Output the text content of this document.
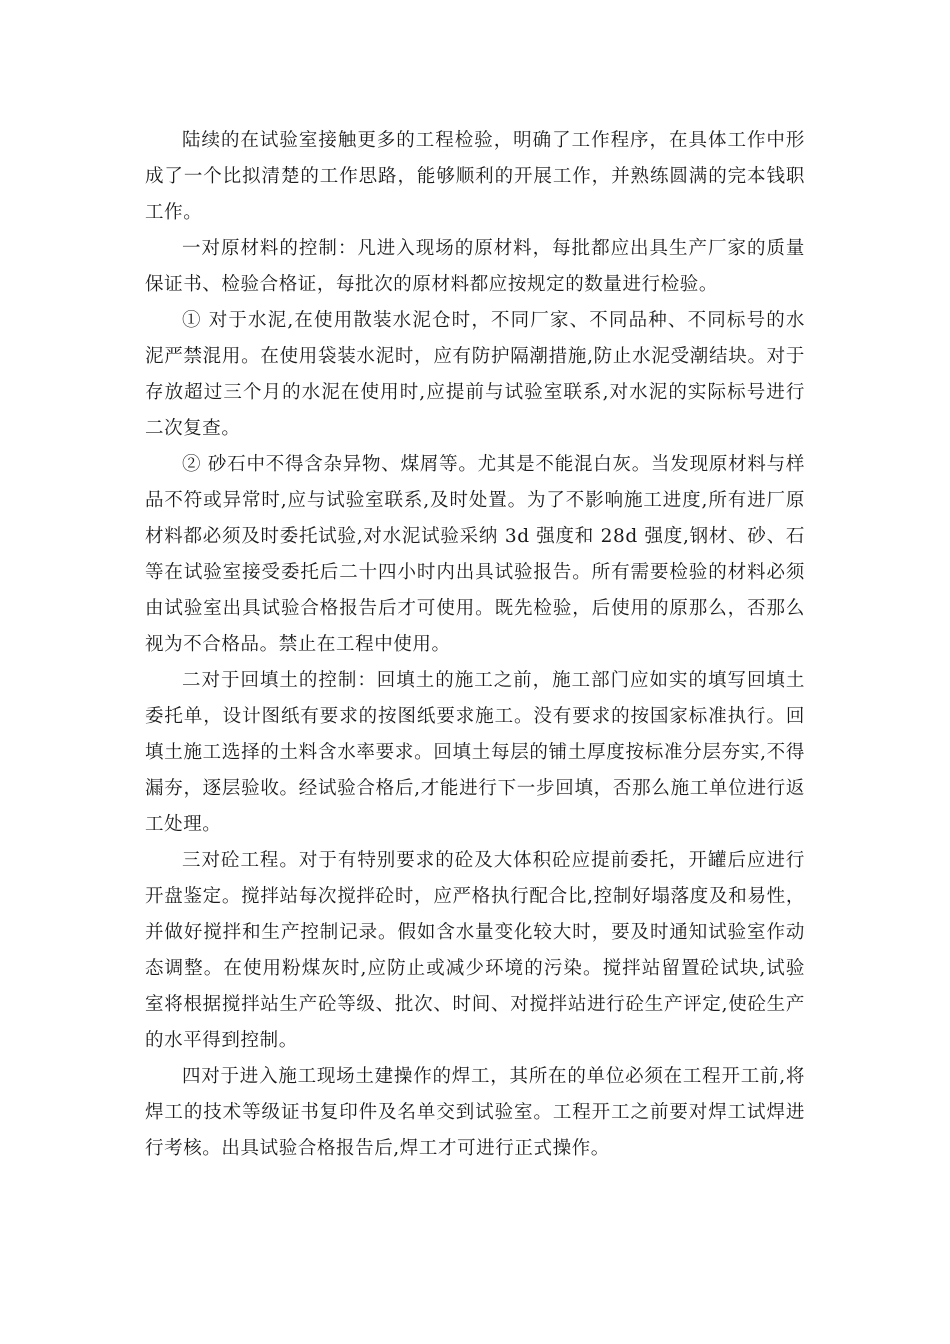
陆续的在试验室接触更多的工程检验，明确了工作程序，在具体工作中形成了一个比拟清楚的工作思路，能够顺利的开展工作，并熟练圆满的完本钱职工作。

一对原材料的控制：凡进入现场的原材料，每批都应出具生产厂家的质量保证书、检验合格证，每批次的原材料都应按规定的数量进行检验。

① 对于水泥,在使用散装水泥仓时，不同厂家、不同品种、不同标号的水泥严禁混用。在使用袋装水泥时，应有防护隔潮措施,防止水泥受潮结块。对于存放超过三个月的水泥在使用时,应提前与试验室联系,对水泥的实际标号进行二次复查。

② 砂石中不得含杂异物、煤屑等。尤其是不能混白灰。当发现原材料与样品不符或异常时,应与试验室联系,及时处置。为了不影响施工进度,所有进厂原材料都必须及时委托试验,对水泥试验采纳 3d 强度和 28d 强度,钢材、砂、石等在试验室接受委托后二十四小时内出具试验报告。所有需要检验的材料必须由试验室出具试验合格报告后才可使用。既先检验，后使用的原那么，否那么视为不合格品。禁止在工程中使用。

二对于回填土的控制：回填土的施工之前，施工部门应如实的填写回填土委托单，设计图纸有要求的按图纸要求施工。没有要求的按国家标准执行。回填土施工选择的土料含水率要求。回填土每层的铺土厚度按标准分层夯实,不得漏夯，逐层验收。经试验合格后,才能进行下一步回填，否那么施工单位进行返工处理。

三对砼工程。对于有特别要求的砼及大体积砼应提前委托，开罐后应进行开盘鉴定。搅拌站每次搅拌砼时，应严格执行配合比,控制好塌落度及和易性，并做好搅拌和生产控制记录。假如含水量变化较大时，要及时通知试验室作动态调整。在使用粉煤灰时,应防止或减少环境的污染。搅拌站留置砼试块,试验室将根据搅拌站生产砼等级、批次、时间、对搅拌站进行砼生产评定,使砼生产的水平得到控制。

四对于进入施工现场土建操作的焊工，其所在的单位必须在工程开工前,将焊工的技术等级证书复印件及名单交到试验室。工程开工之前要对焊工试焊进行考核。出具试验合格报告后,焊工才可进行正式操作。
